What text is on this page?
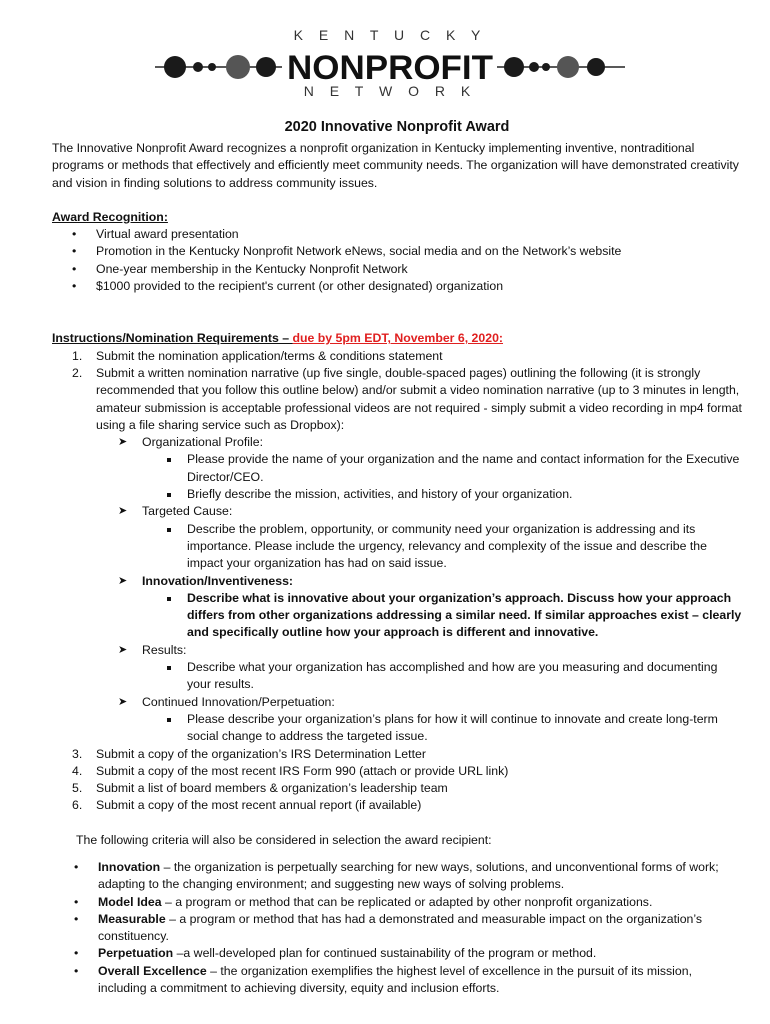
K E N T U C K Y
NONPROFIT
N E T W O R K
2020 Innovative Nonprofit Award

The Innovative Nonprofit Award recognizes a nonprofit organization in Kentucky implementing inventive, nontraditional programs or methods that effectively and efficiently meet community needs. The organization will have demonstrated creativity and vision in finding solutions to address community issues.

Award Recognition:
• Virtual award presentation
• Promotion in the Kentucky Nonprofit Network eNews, social media and on the Network’s website
• One-year membership in the Kentucky Nonprofit Network
• $1000 provided to the recipient's current (or other designated) organization
Instructions/Nomination Requirements – due by 5pm EDT, November 6, 2020:
1. Submit the nomination application/terms & conditions statement
2. Submit a written nomination narrative (up five single, double-spaced pages) outlining the following (it is strongly recommended that you follow this outline below) and/or submit a video nomination narrative (up to 3 minutes in length, amateur submission is acceptable professional videos are not required - simply submit a video recording in mp4 format using a file sharing service such as Dropbox):
➤ Organizational Profile:
Please provide the name of your organization and the name and contact information for the Executive Director/CEO.
Briefly describe the mission, activities, and history of your organization.
➤ Targeted Cause:
Describe the problem, opportunity, or community need your organization is addressing and its importance. Please include the urgency, relevancy and complexity of the issue and describe the impact your organization has had on said issue.
➤ Innovation/Inventiveness:
Describe what is innovative about your organization’s approach. Discuss how your approach differs from other organizations addressing a similar need. If similar approaches exist – clearly and specifically outline how your approach is different and innovative.
➤ Results:
Describe what your organization has accomplished and how are you measuring and documenting your results.
➤ Continued Innovation/Perpetuation:
Please describe your organization’s plans for how it will continue to innovate and create long-term social change to address the targeted issue.
3. Submit a copy of the organization’s IRS Determination Letter
4. Submit a copy of the most recent IRS Form 990 (attach or provide URL link)
5. Submit a list of board members & organization’s leadership team
6. Submit a copy of the most recent annual report (if available)

The following criteria will also be considered in selection the award recipient:

• Innovation – the organization is perpetually searching for new ways, solutions, and unconventional forms of work; adapting to the changing environment; and suggesting new ways of solving problems.
• Model Idea – a program or method that can be replicated or adapted by other nonprofit organizations.
• Measurable – a program or method that has had a demonstrated and measurable impact on the organization’s constituency.
• Perpetuation –a well-developed plan for continued sustainability of the program or method.
• Overall Excellence – the organization exemplifies the highest level of excellence in the pursuit of its mission, including a commitment to achieving diversity, equity and inclusion efforts.
